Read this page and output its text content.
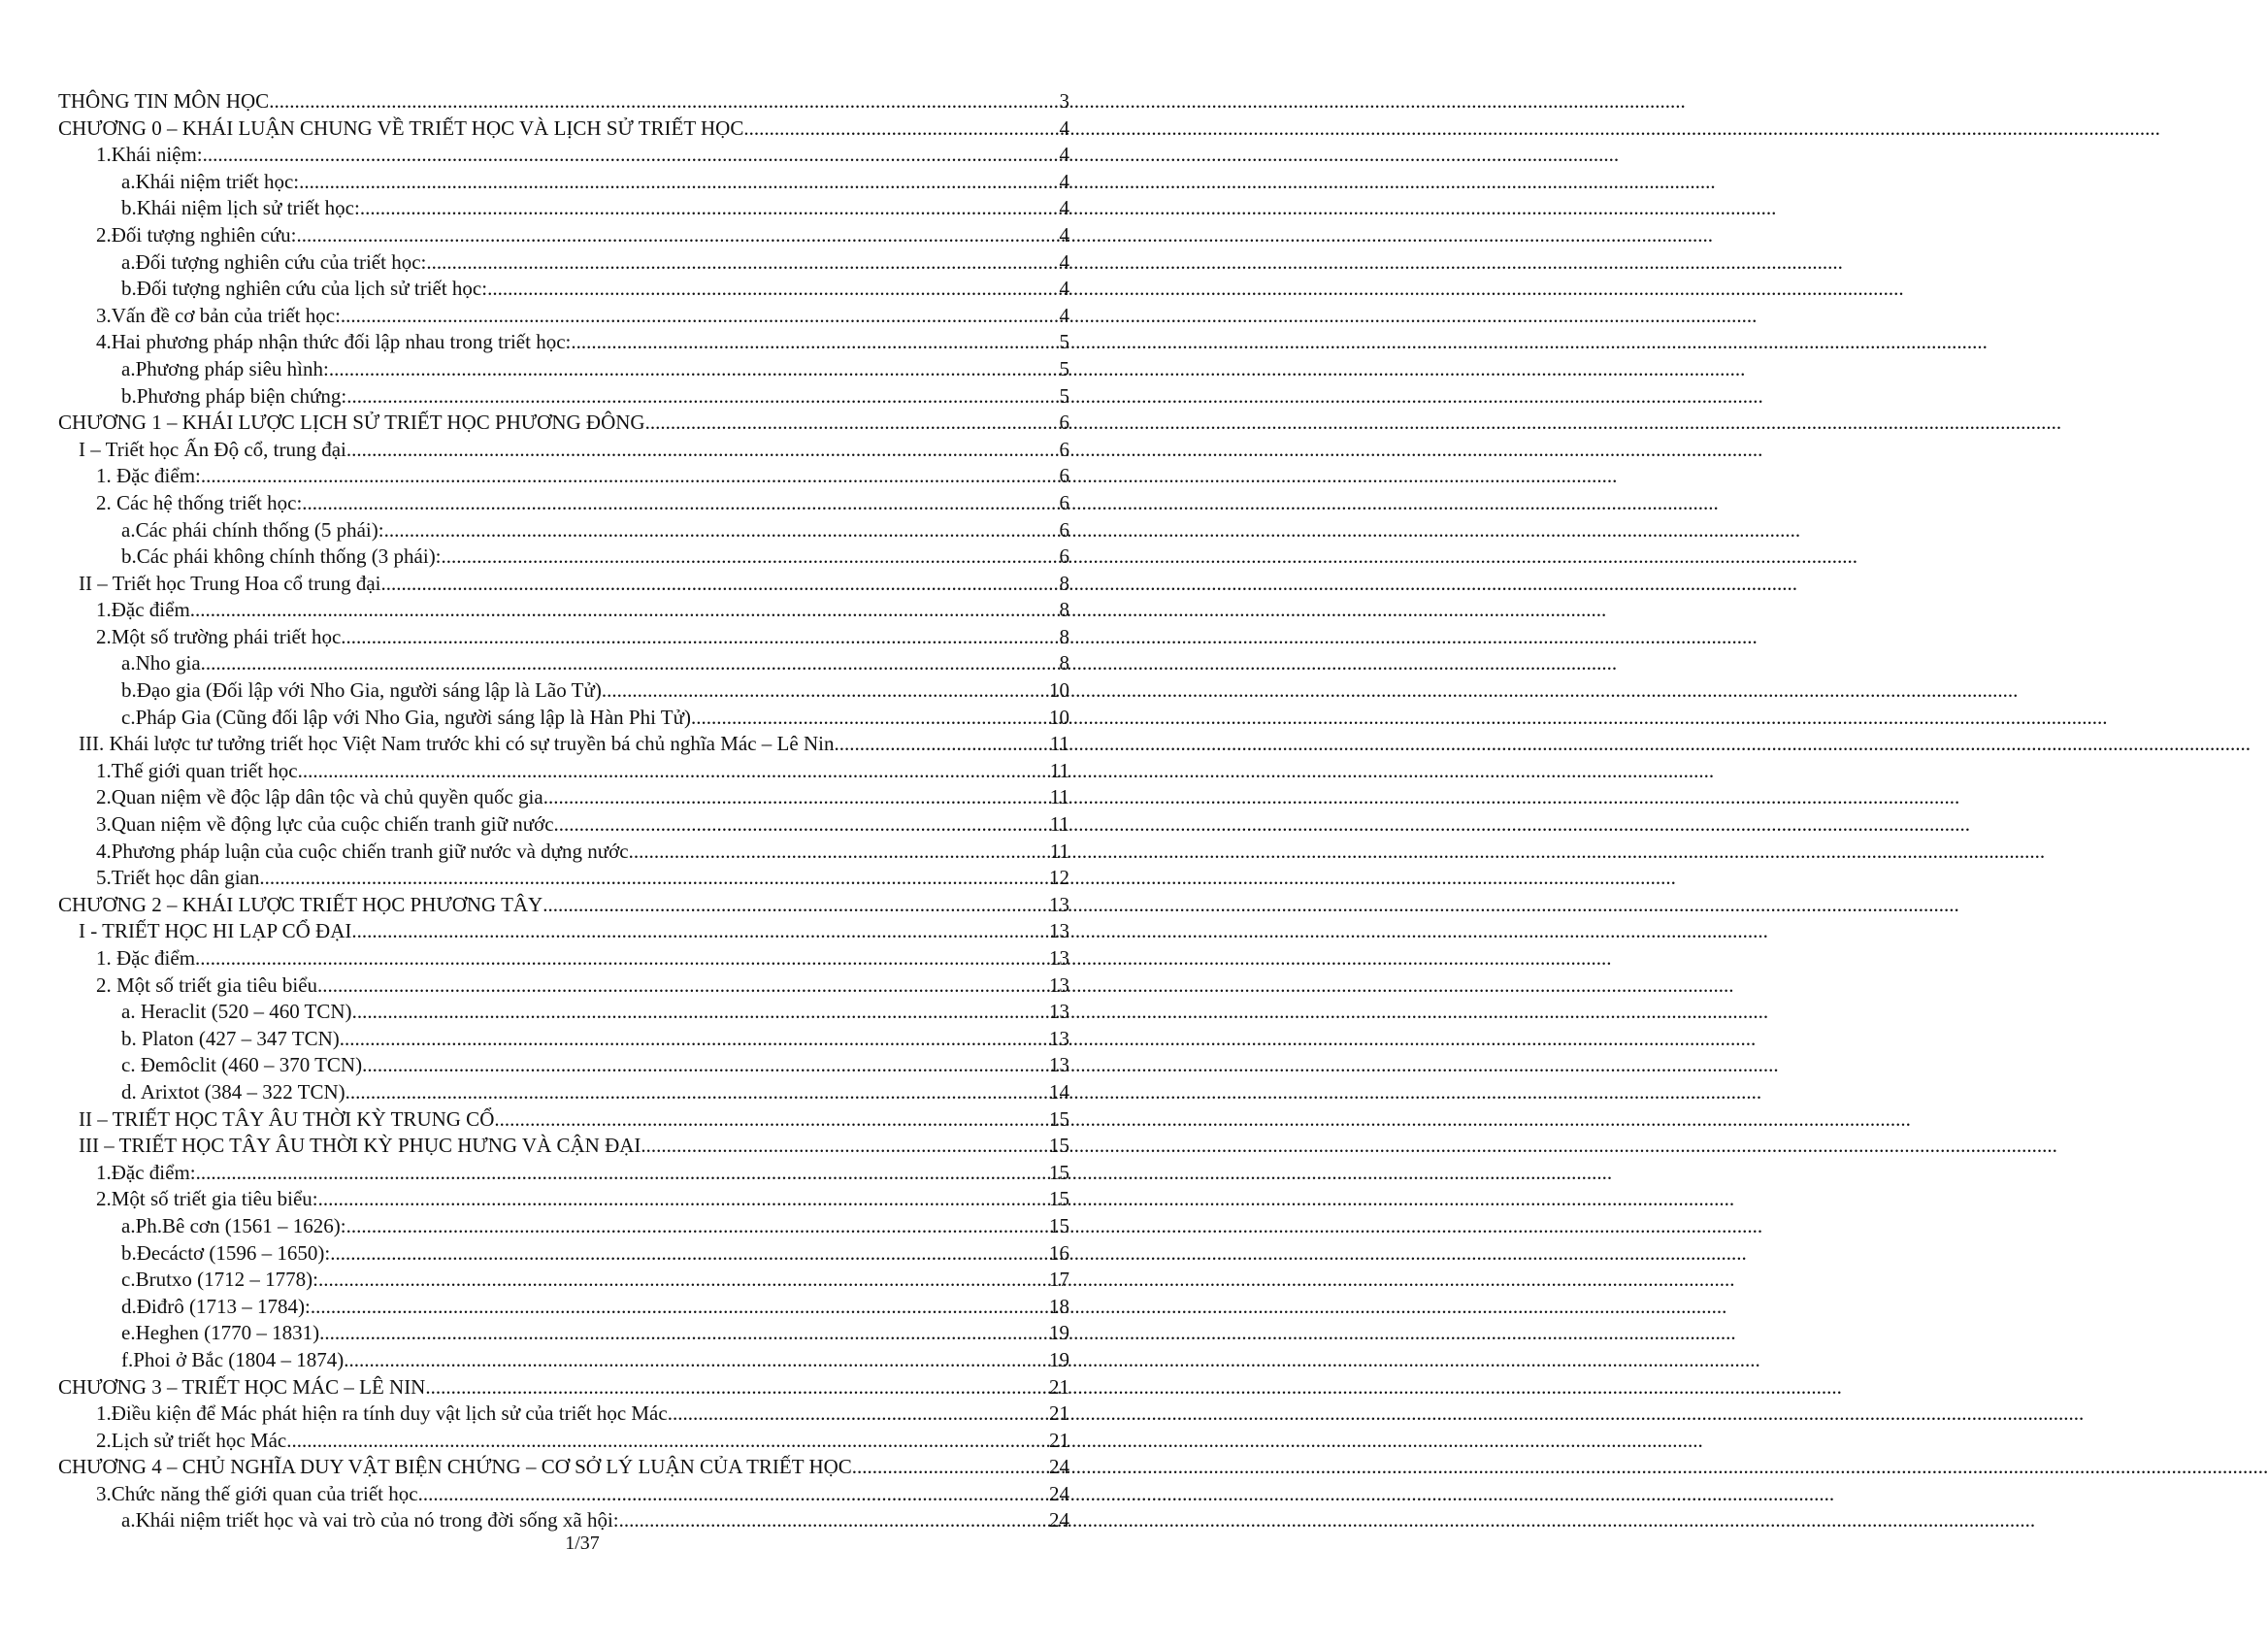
THÔNG TIN MÔN HỌC .....	3
CHƯƠNG 0 – KHÁI LUẬN CHUNG VỀ TRIẾT HỌC VÀ LỊCH SỬ TRIẾT HỌC .....	4
1.Khái niệm: .....	4
a.Khái niệm triết học: .....	4
b.Khái niệm lịch sử triết học: .....	4
2.Đối tượng nghiên cứu: .....	4
a.Đối tượng nghiên cứu của triết học: .....	4
b.Đối tượng nghiên cứu của lịch sử triết học: .....	4
3.Vấn đề cơ bản của triết học: .....	4
4.Hai phương pháp nhận thức đối lập nhau trong triết học: .....	5
a.Phương pháp siêu hình: .....	5
b.Phương pháp biện chứng: .....	5
CHƯƠNG 1 – KHÁI LƯỢC LỊCH SỬ TRIẾT HỌC PHƯƠNG ĐÔNG .....	6
I – Triết học Ấn Độ cổ, trung đại .....	6
1. Đặc điểm: .....	6
2. Các hệ thống triết học: .....	6
a.Các phái chính thống (5 phái): .....	6
b.Các phái không chính thống (3 phái): .....	6
II – Triết học Trung Hoa cổ trung đại .....	8
1.Đặc điểm .....	8
2.Một số trường phái triết học .....	8
a.Nho gia .....	8
b.Đạo gia (Đối lập với Nho Gia, người sáng lập là Lão Tử) .....	10
c.Pháp Gia (Cũng đối lập với Nho Gia, người sáng lập là Hàn Phi Tử) .....	10
III. Khái lược tư tưởng triết học Việt Nam trước khi có sự truyền bá chủ nghĩa Mác – Lê Nin .....	11
1.Thế giới quan triết học .....	11
2.Quan niệm về độc lập dân tộc và chủ quyền quốc gia .....	11
3.Quan niệm về động lực của cuộc chiến tranh giữ nước .....	11
4.Phương pháp luận của cuộc chiến tranh giữ nước và dựng nước .....	11
5.Triết học dân gian .....	12
CHƯƠNG 2 – KHÁI LƯỢC TRIẾT HỌC PHƯƠNG TÂY .....	13
I - TRIẾT HỌC HI LẠP CỔ ĐẠI .....	13
1. Đặc điểm .....	13
2. Một số triết gia tiêu biểu .....	13
a. Heraclit (520 – 460 TCN) .....	13
b. Platon (427 – 347 TCN) .....	13
c. Đemôclit (460 – 370 TCN) .....	13
d. Arixtot (384 – 322 TCN) .....	14
II – TRIẾT HỌC TÂY ÂU THỜI KỲ TRUNG CỔ .....	15
III – TRIẾT HỌC TÂY ÂU THỜI KỲ PHỤC HƯNG VÀ CẬN ĐẠI .....	15
1.Đặc điểm: .....	15
2.Một số triết gia tiêu biểu: .....	15
a.Ph.Bê cơn (1561 – 1626): .....	15
b.Đecáctơ (1596 – 1650): .....	16
c.Brutxo (1712 – 1778): .....	17
d.Điđrô (1713 – 1784): .....	18
e.Heghen (1770 – 1831) .....	19
f.Phoi ở Bắc (1804 – 1874) .....	19
CHƯƠNG 3 – TRIẾT HỌC MÁC – LÊ NIN .....	21
1.Điều kiện để Mác phát hiện ra tính duy vật lịch sử của triết học Mác .....	21
2.Lịch sử triết học Mác .....	21
CHƯƠNG 4 – CHỦ NGHĨA DUY VẬT BIỆN CHỨNG – CƠ SỞ LÝ LUẬN CỦA TRIẾT HỌC .....	24
3.Chức năng thế giới quan của triết học .....	24
a.Khái niệm triết học và vai trò của nó trong đời sống xã hội: .....	24
1/37
